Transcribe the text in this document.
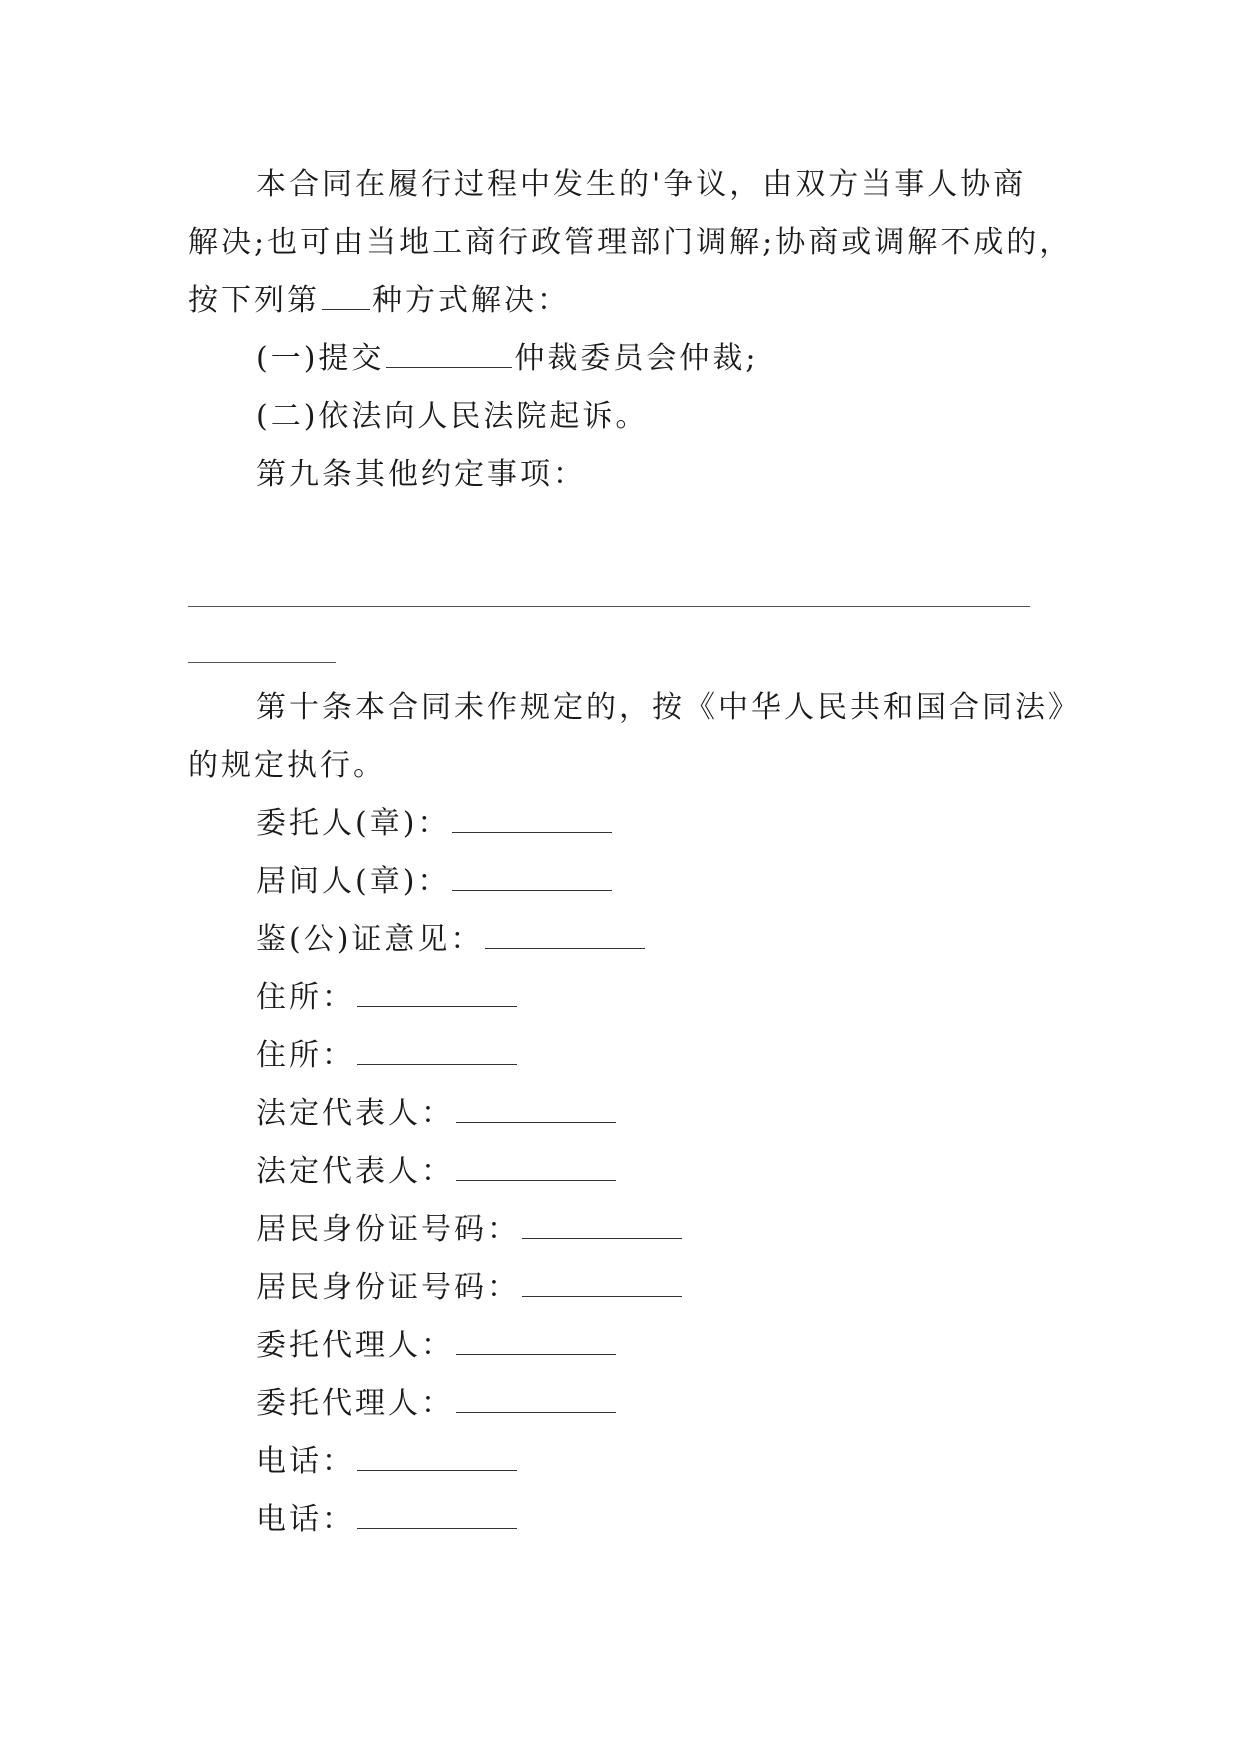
本合同在履行过程中发生的'争议，由双方当事人协商
解决;也可由当地工商行政管理部门调解;协商或调解不成的，
按下列第 种方式解决：
(一)提交	仲裁委员会仲裁;
(二)依法向人民法院起诉。
第九条其他约定事项：
第十条本合同未作规定的，按《中华人民共和国合同法》
的规定执行。
委托人(章)：
居间人(章)：
鉴(公)证意见：
住所：
住所：
法定代表人：
法定代表人：
居民身份证号码：
居民身份证号码：
委托代理人：
委托代理人：
电话：
电话：
